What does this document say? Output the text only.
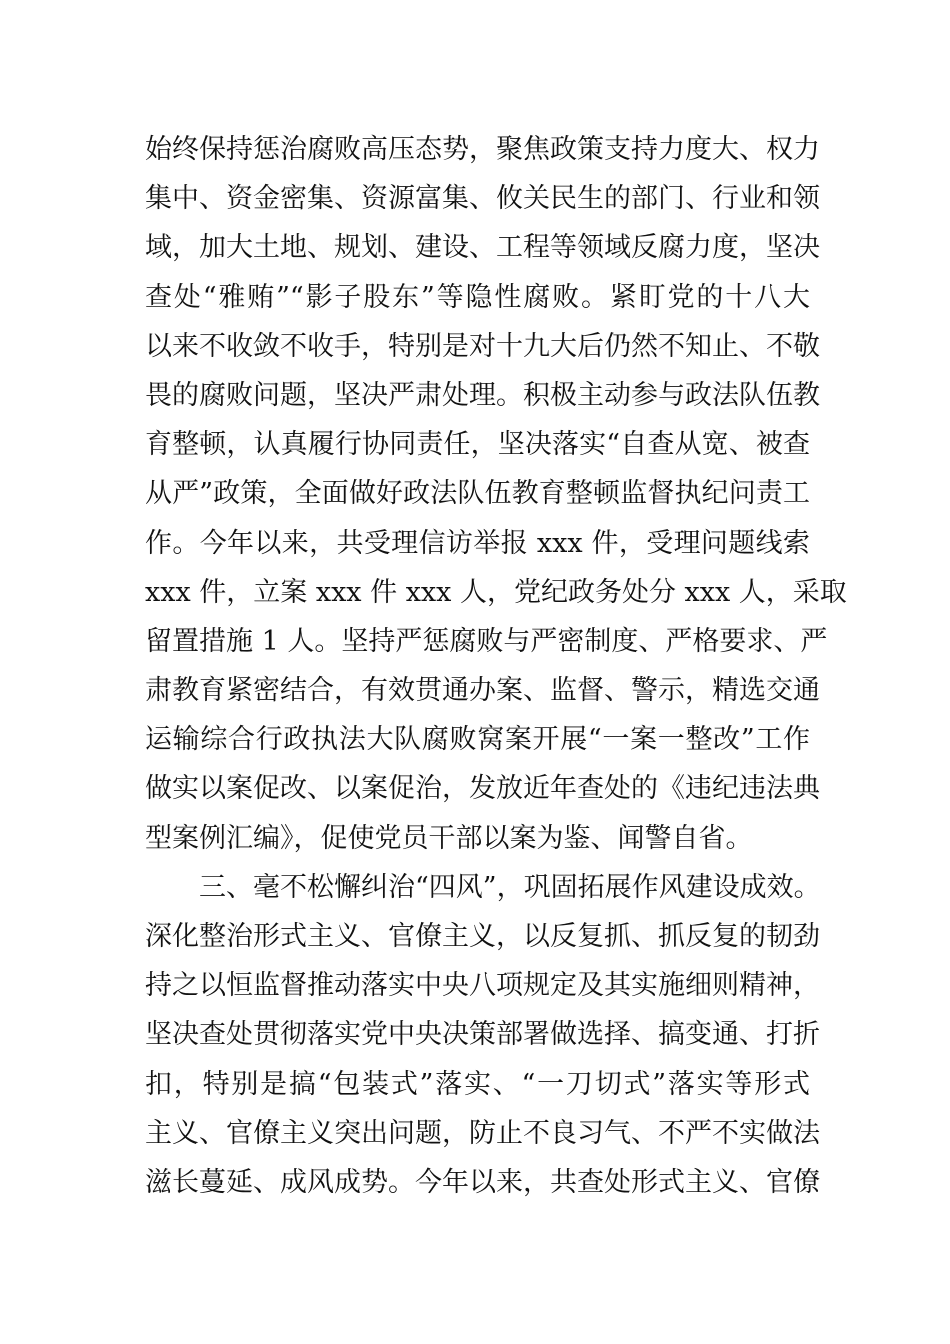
始终保持惩治腐败高压态势，聚焦政策支持力度大、权力
集中、资金密集、资源富集、攸关民生的部门、行业和领
域，加大土地、规划、建设、工程等领域反腐力度，坚决
查处“雅贿”“影子股东”等隐性腐败。紧盯党的十八大
以来不收敛不收手，特别是对十九大后仍然不知止、不敬
畏的腐败问题，坚决严肃处理。积极主动参与政法队伍教
育整顿，认真履行协同责任，坚决落实“自查从宽、被查
从严”政策，全面做好政法队伍教育整顿监督执纪问责工
作。今年以来，共受理信访举报 xxx 件，受理问题线索
xxx 件，立案 xxx 件 xxx 人，党纪政务处分 xxx 人，采取
留置措施 1 人。坚持严惩腐败与严密制度、严格要求、严
肃教育紧密结合，有效贯通办案、监督、警示，精选交通
运输综合行政执法大队腐败窝案开展“一案一整改”工作
做实以案促改、以案促治，发放近年查处的《违纪违法典
型案例汇编》，促使党员干部以案为鉴、闻警自省。
三、毫不松懈纠治“四风”，巩固拓展作风建设成效。
深化整治形式主义、官僚主义，以反复抓、抓反复的韧劲
持之以恒监督推动落实中央八项规定及其实施细则精神，
坚决查处贯彻落实党中央决策部署做选择、搞变通、打折
扣，特别是搞“包装式”落实、“一刀切式”落实等形式
主义、官僚主义突出问题，防止不良习气、不严不实做法
滋长蔓延、成风成势。今年以来，共查处形式主义、官僚
